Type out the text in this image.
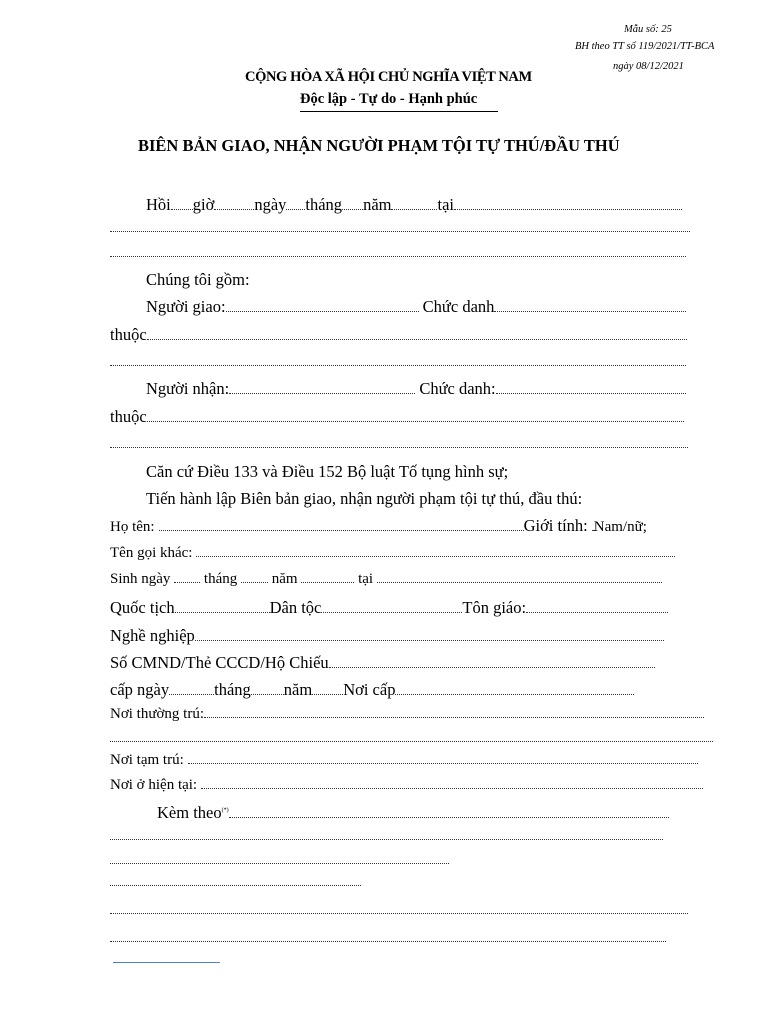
Mẫu số: 25
BH theo TT số 119/2021/TT-BCA
ngày 08/12/2021
CỘNG HÒA XÃ HỘI CHỦ NGHĨA VIỆT NAM
Độc lập - Tự do - Hạnh phúc
BIÊN BẢN GIAO, NHẬN NGƯỜI PHẠM TỘI TỰ THÚ/ĐẦU THÚ
Hồi giờ ngày tháng năm	tại
Chúng tôi gồm:
Người giao:	Chức danh
thuộc
Người nhận:	Chức danh:
thuộc
Căn cứ Điều 133 và Điều 152 Bộ luật Tố tụng hình sự;
Tiến hành lập Biên bản giao, nhận người phạm tội tự thú, đầu thú:
Họ tên:	Giới tính: Nam/nữ;
Tên gọi khác:
Sinh ngày tháng năm	tại
Quốc tịch	Dân tộc	Tôn giáo:
Nghề nghiệp
Số CMND/Thẻ CCCD/Hộ Chiếu
cấp ngày	tháng năm Nơi cấp
Nơi thường trú:
Nơi tạm trú:
Nơi ở hiện tại:
Kèm theo(*)
